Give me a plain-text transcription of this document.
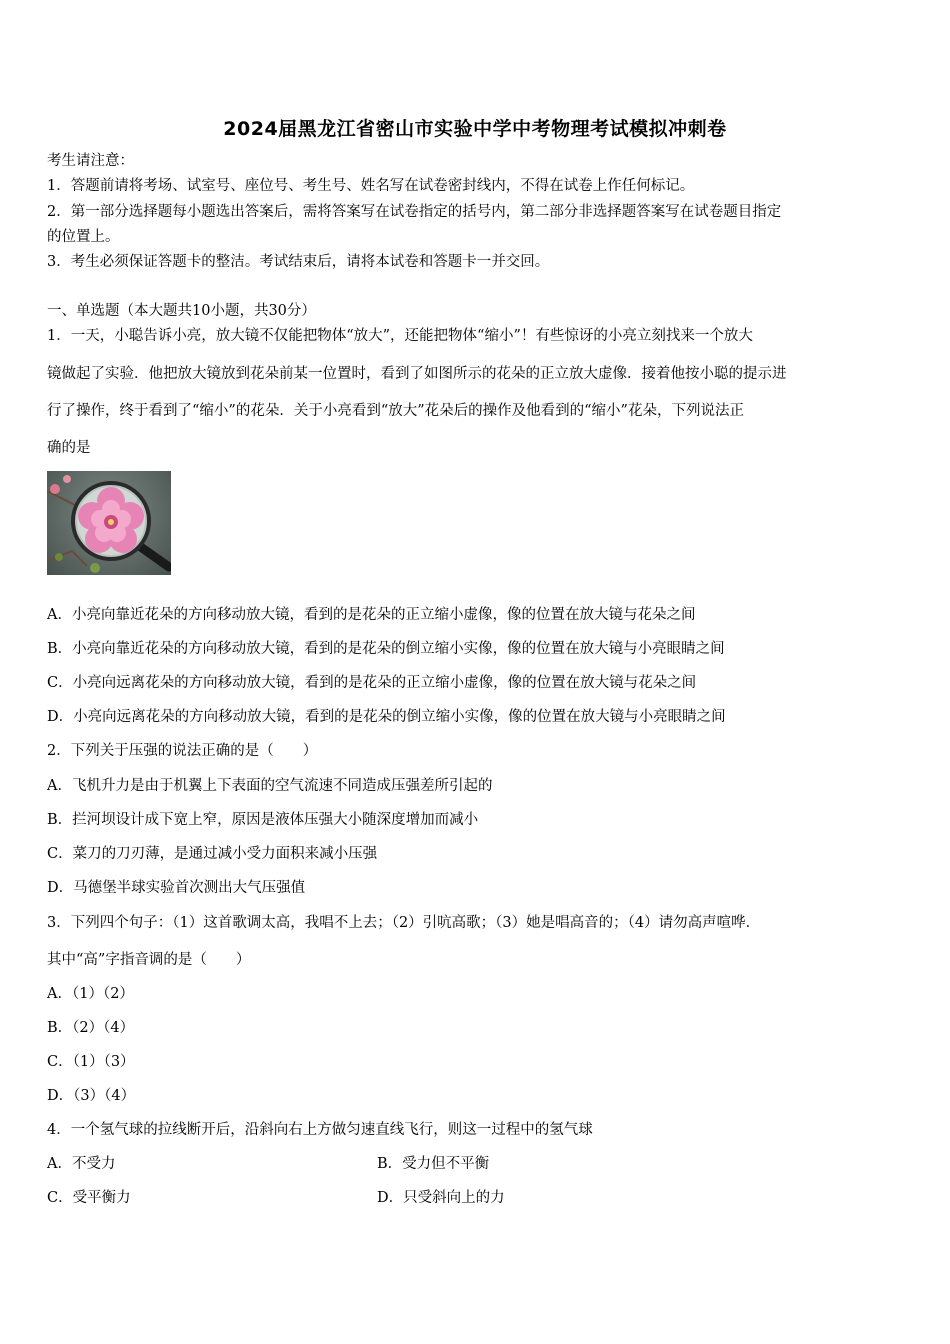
2024届黑龙江省密山市实验中学中考物理考试模拟冲刺卷
考生请注意：
1．答题前请将考场、试室号、座位号、考生号、姓名写在试卷密封线内，不得在试卷上作任何标记。
2．第一部分选择题每小题选出答案后，需将答案写在试卷指定的括号内，第二部分非选择题答案写在试卷题目指定
的位置上。
3．考生必须保证答题卡的整洁。考试结束后，请将本试卷和答题卡一并交回。
一、单选题（本大题共10小题，共30分）
1．一天，小聪告诉小亮，放大镜不仅能把物体“放大”，还能把物体“缩小”！有些惊讶的小亮立刻找来一个放大
镜做起了实验．他把放大镜放到花朵前某一位置时，看到了如图所示的花朵的正立放大虚像．接着他按小聪的提示进
行了操作，终于看到了“缩小”的花朵．关于小亮看到“放大”花朵后的操作及他看到的“缩小”花朵，下列说法正
确的是
A．小亮向靠近花朵的方向移动放大镜，看到的是花朵的正立缩小虚像，像的位置在放大镜与花朵之间
B．小亮向靠近花朵的方向移动放大镜，看到的是花朵的倒立缩小实像，像的位置在放大镜与小亮眼睛之间
C．小亮向远离花朵的方向移动放大镜，看到的是花朵的正立缩小虚像，像的位置在放大镜与花朵之间
D．小亮向远离花朵的方向移动放大镜，看到的是花朵的倒立缩小实像，像的位置在放大镜与小亮眼睛之间
2．下列关于压强的说法正确的是（　　）
A．飞机升力是由于机翼上下表面的空气流速不同造成压强差所引起的
B．拦河坝设计成下宽上窄，原因是液体压强大小随深度增加而减小
C．菜刀的刀刃薄，是通过减小受力面积来减小压强
D．马德堡半球实验首次测出大气压强值
3．下列四个句子：（1）这首歌调太高，我唱不上去；（2）引吭高歌；（3）她是唱高音的；（4）请勿高声喧哗．
其中“高”字指音调的是（　　）
A．（1）（2）
B．（2）（4）
C．（1）（3）
D．（3）（4）
4．一个氢气球的拉线断开后，沿斜向右上方做匀速直线飞行，则这一过程中的氢气球
A．不受力	B．受力但不平衡
C．受平衡力	D．只受斜向上的力
